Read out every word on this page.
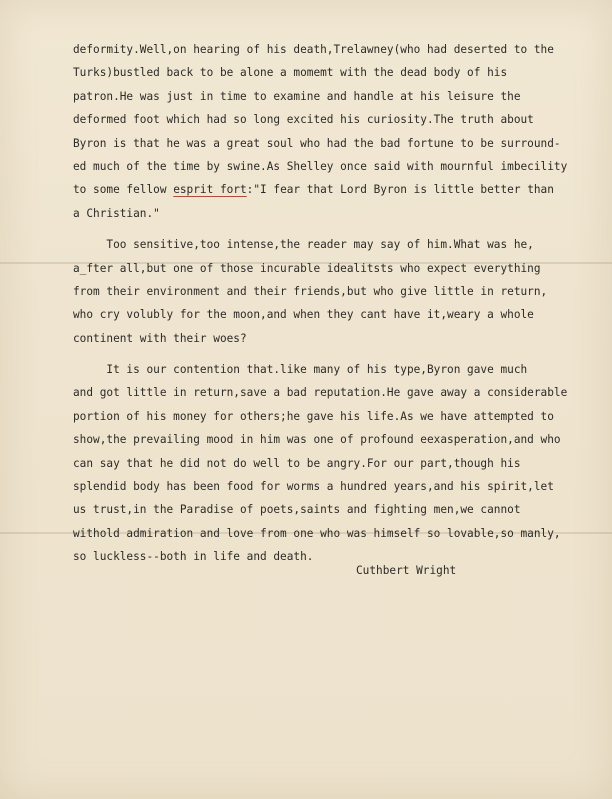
deformity.Well,on hearing of his death,Trelawney(who had deserted to the
Turks)bustled back to be alone a momemt with the dead body of his
patron.He was just in time to examine and handle at his leisure the
deformed foot which had so long excited his curiosity.The truth about
Byron is that he was a great soul who had the bad fortune to be surround-
ed much of the time by swine.As Shelley once said with mournful imbecility
to some fellow esprit fort:"I fear that Lord Byron is little better than
a Christian."
Too sensitive,too intense,the reader may say of him.What was he,
a_fter all,but one of those incurable idealitsts who expect everything
from their environment and their friends,but who give little in return,
who cry volubly for the moon,and when they cant have it,weary a whole
continent with their woes?
It is our contention that.like many of his type,Byron gave much
and got little in return,save a bad reputation.He gave away a considerable
portion of his money for others;he gave his life.As we have attempted to
show,the prevailing mood in him was one of profound eexasperation,and who
can say that he did not do well to be angry.For our part,though his
splendid body has been food for worms a hundred years,and his spirit,let
us trust,in the Paradise of poets,saints and fighting men,we cannot
withold admiration and love from one who was himself so lovable,so manly,
so luckless--both in life and death.
Cuthbert Wright
